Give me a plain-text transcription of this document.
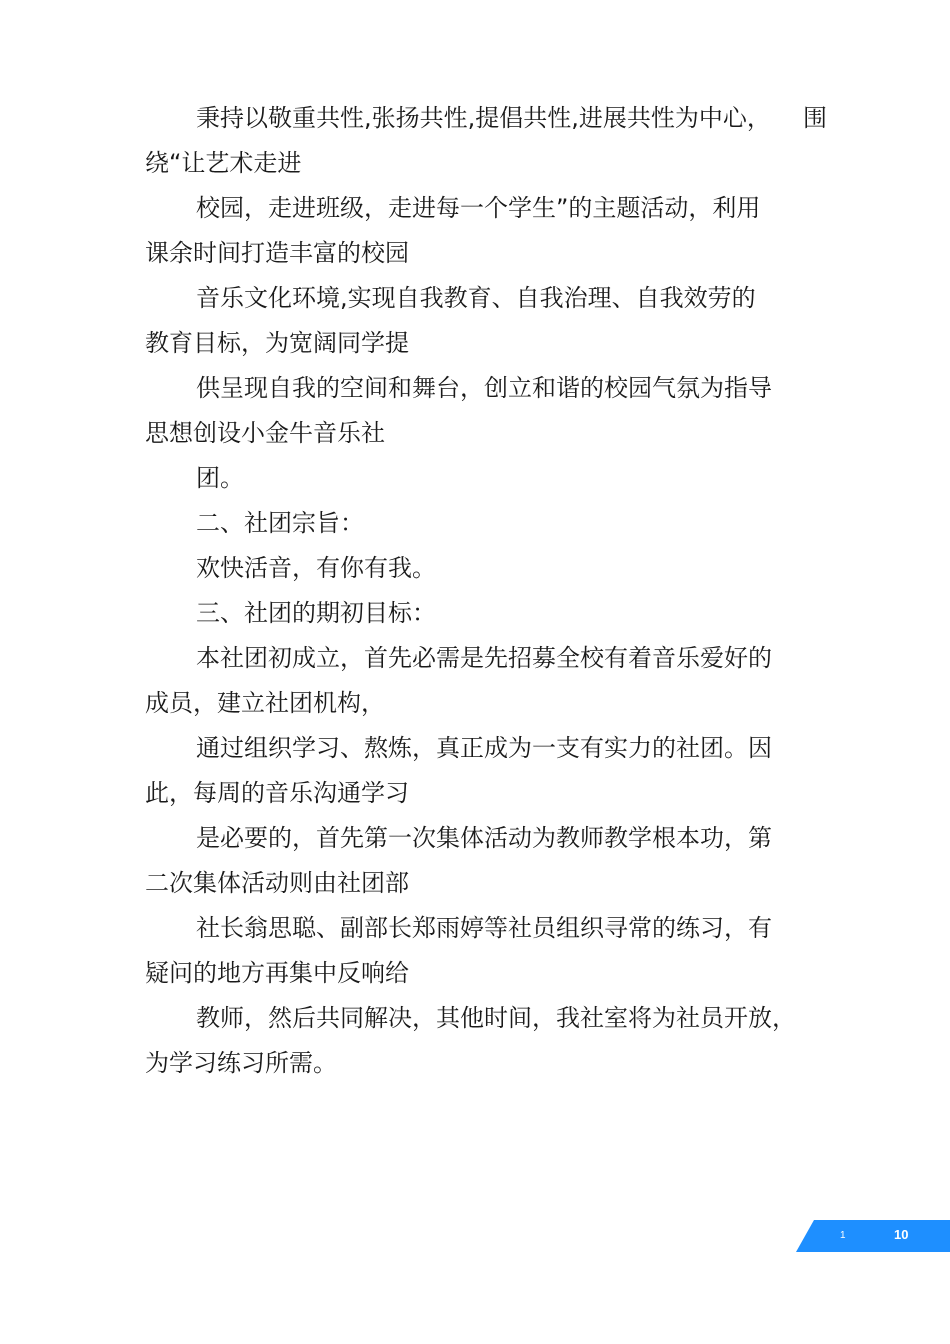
秉持以敬重共性,张扬共性,提倡共性,进展共性为中心， 围

绕“让艺术走进

校园，走进班级，走进每一个学生”的主题活动，利用

课余时间打造丰富的校园

音乐文化环境,实现自我教育、自我治理、自我效劳的

教育目标，为宽阔同学提

供呈现自我的空间和舞台，创立和谐的校园气氛为指导

思想创设小金牛音乐社

团。

二、社团宗旨：

欢快活音，有你有我。

三、社团的期初目标：

本社团初成立，首先必需是先招募全校有着音乐爱好的

成员，建立社团机构，

通过组织学习、熬炼，真正成为一支有实力的社团。因

此，每周的音乐沟通学习

是必要的，首先第一次集体活动为教师教学根本功，第

二次集体活动则由社团部

社长翁思聪、副部长郑雨婷等社员组织寻常的练习，有

疑问的地方再集中反响给

教师，然后共同解决，其他时间，我社室将为社员开放，

为学习练习所需。

1	10
